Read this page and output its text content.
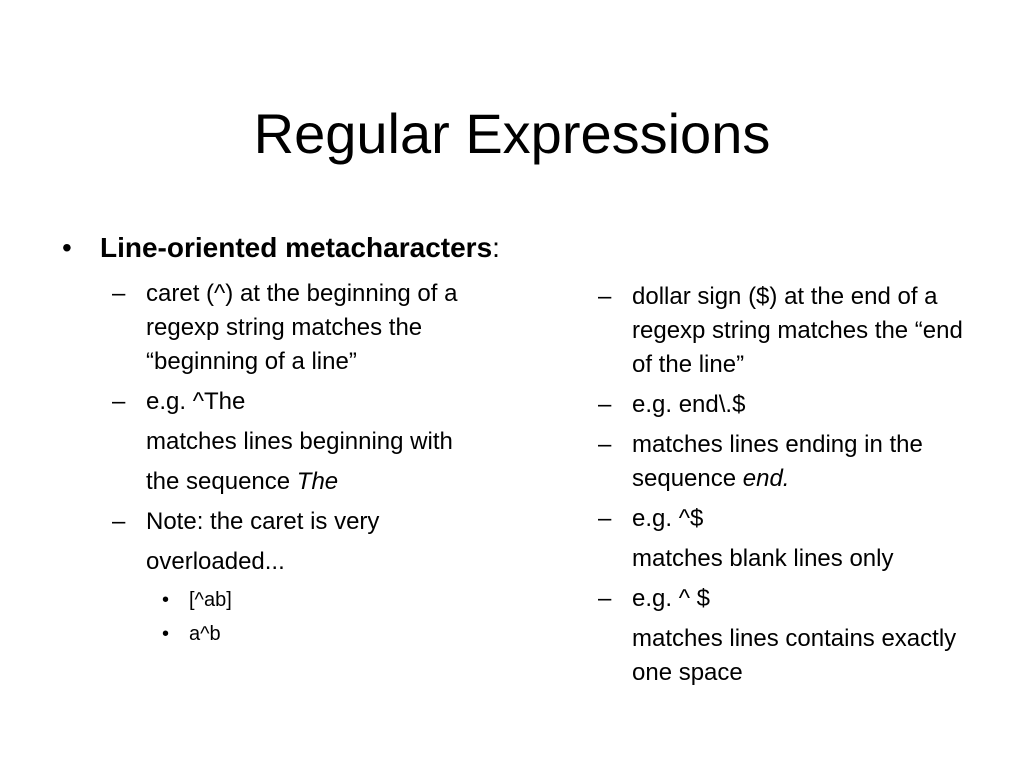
Regular Expressions
• Line-oriented metacharacters:
– caret (^) at the beginning of a regexp string matches the “beginning of a line”
– e.g. ^The
matches lines beginning with
the sequence The
– Note: the caret is very
overloaded...
• [^ab]
• a^b
– dollar sign ($) at the end of a regexp string matches the “end of the line”
– e.g. end\.$
– matches lines ending in the sequence end.
– e.g. ^$
matches blank lines only
– e.g. ^ $
matches lines contains exactly one space
